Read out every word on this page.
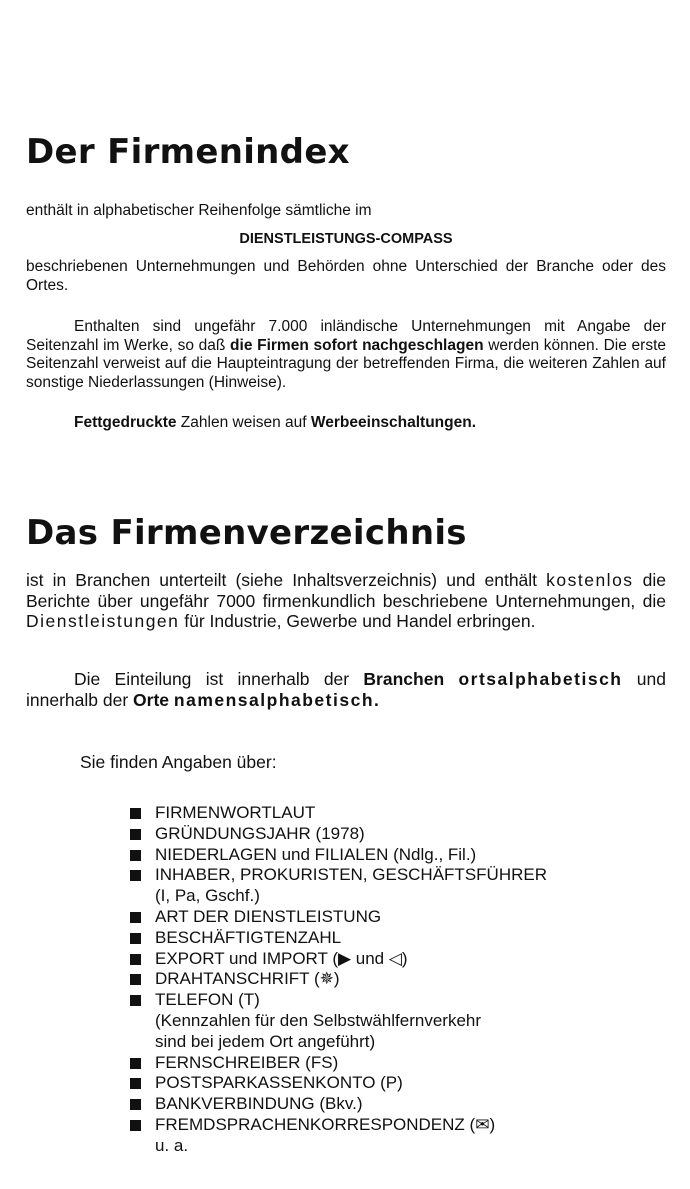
Der Firmenindex
enthält in alphabetischer Reihenfolge sämtliche im
DIENSTLEISTUNGS-COMPASS
beschriebenen Unternehmungen und Behörden ohne Unterschied der Branche oder des Ortes.
Enthalten sind ungefähr 7.000 inländische Unternehmungen mit Angabe der Seitenzahl im Werke, so daß die Firmen sofort nachgeschlagen werden können. Die erste Seitenzahl verweist auf die Haupteintragung der betreffenden Firma, die weiteren Zahlen auf sonstige Niederlassungen (Hinweise).
Fettgedruckte Zahlen weisen auf Werbeeinschaltungen.
Das Firmenverzeichnis
ist in Branchen unterteilt (siehe Inhaltsverzeichnis) und enthält kostenlos die Berichte über ungefähr 7000 firmenkundlich beschriebene Unternehmungen, die Dienstleistungen für Industrie, Gewerbe und Handel erbringen.
Die Einteilung ist innerhalb der Branchen ortsalphabetisch und innerhalb der Orte namensalphabetisch.
Sie finden Angaben über:
FIRMENWORTLAUT
GRÜNDUNGSJAHR (1978)
NIEDERLAGEN und FILIALEN (Ndlg., Fil.)
INHABER, PROKURISTEN, GESCHÄFTSFÜHRER
(I, Pa, Gschf.)
ART DER DIENSTLEISTUNG
BESCHÄFTIGTENZAHL
EXPORT und IMPORT (▶ und ◁)
DRAHTANSCHRIFT (✵)
TELEFON (T)
(Kennzahlen für den Selbstwählfernverkehr
sind bei jedem Ort angeführt)
FERNSCHREIBER (FS)
POSTSPARKASSENKONTO (P)
BANKVERBINDUNG (Bkv.)
FREMDSPRACHENKORRESPONDENZ (✉)
u. a.
